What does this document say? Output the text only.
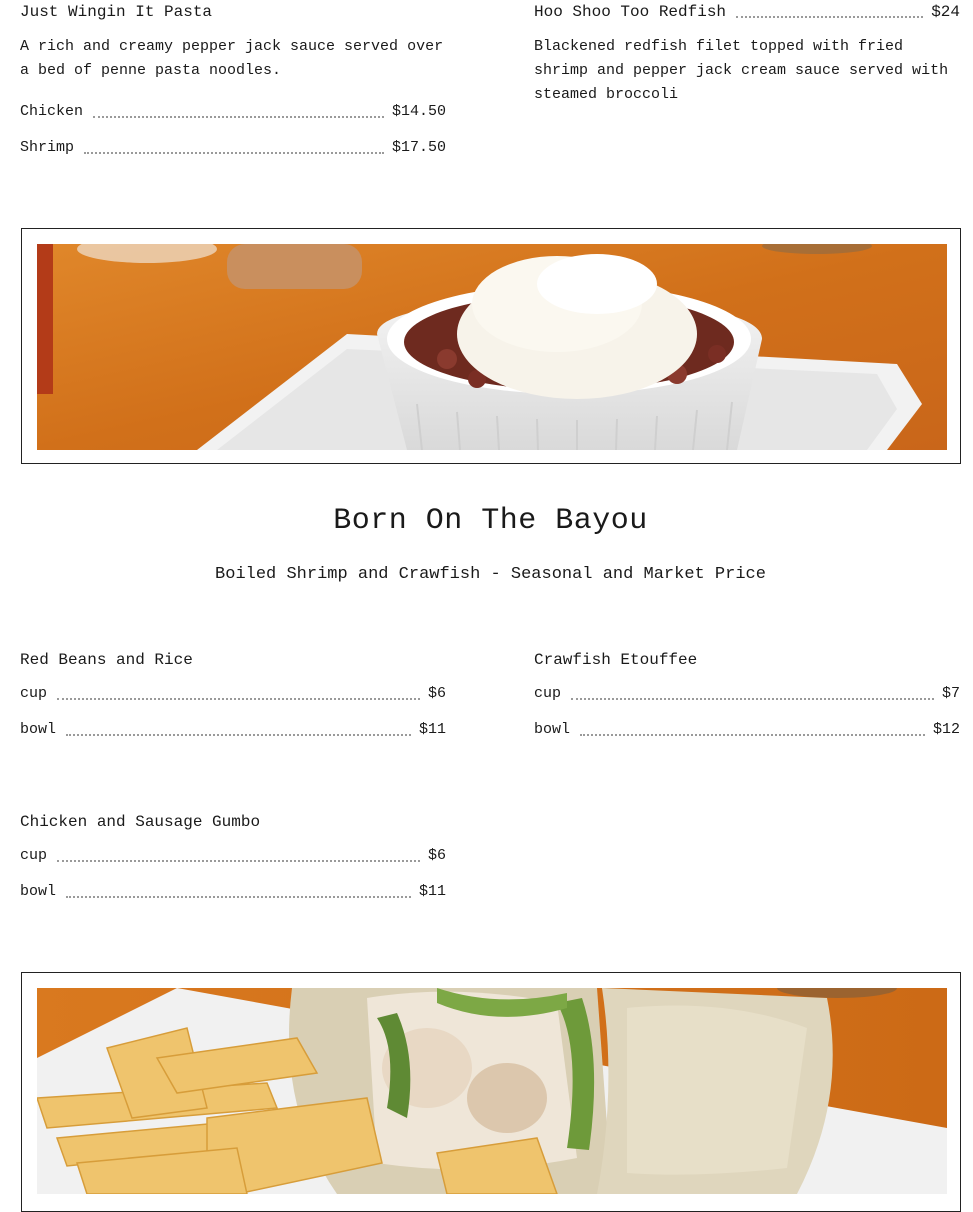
Just Wingin It Pasta
A rich and creamy pepper jack sauce served over a bed of penne pasta noodles.
Chicken	$14.50
Shrimp	$17.50
Hoo Shoo Too Redfish	$24
Blackened redfish filet topped with fried shrimp and pepper jack cream sauce served with steamed broccoli
Born On The Bayou
Boiled Shrimp and Crawfish - Seasonal and Market Price
Red Beans and Rice
cup	$6
bowl	$11
Crawfish Etouffee
cup	$7
bowl	$12
Chicken and Sausage Gumbo
cup	$6
bowl	$11
